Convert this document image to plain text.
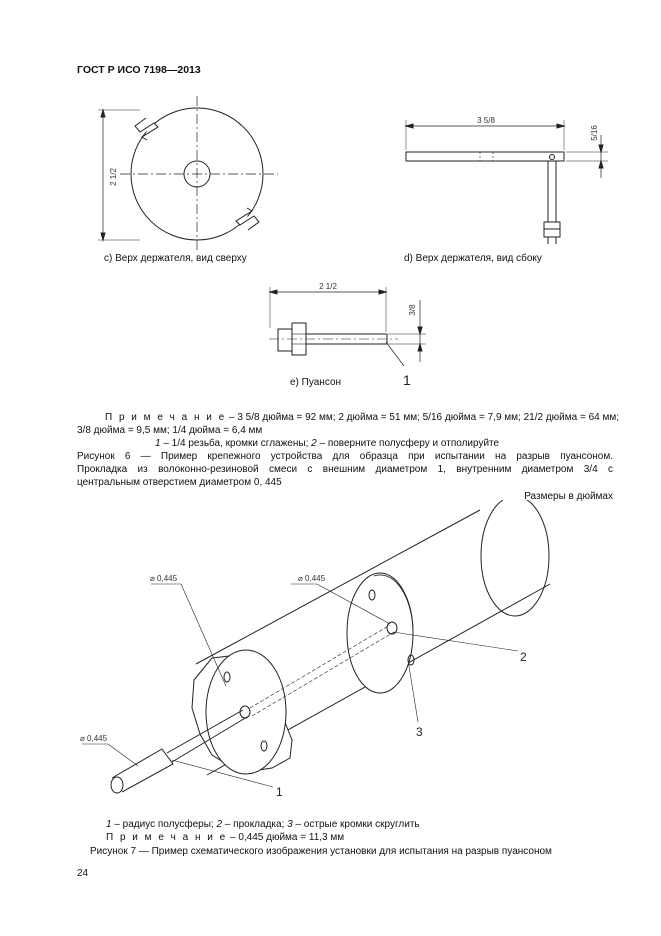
ГОСТ Р ИСО 7198—2013
2 1/2
3 5/8
5/16
2 1/2
3/8
1
с) Верх держателя, вид сверху	d) Верх держателя, вид сбоку
е) Пуансон
П р и м е ч а н и е – 3 5/8 дюйма = 92 мм; 2 дюйма = 51 мм; 5/16 дюйма = 7,9 мм; 21/2 дюйма = 64 мм;
3/8 дюйма = 9,5 мм; 1/4 дюйма = 6,4 мм
1 – 1/4 резьба, кромки сглажены; 2 – поверните полусферу и отполируйте
Рисунок 6 — Пример крепежного устройства для образца при испытании на разрыв пуансоном.
Прокладка из волоконно-резиновой смеси с внешним диаметром 1, внутренним диаметром 3/4 с
центральным отверстием диаметром 0, 445
Размеры в дюймах
⌀ 0,445
⌀ 0,445
⌀ 0,445
2
3
1
1 – радиус полусферы; 2 – прокладка; 3 – острые кромки скруглить
П р и м е ч а н и е – 0,445 дюйма = 11,3 мм
Рисунок 7 — Пример схематического изображения установки для испытания на разрыв пуансоном
24
